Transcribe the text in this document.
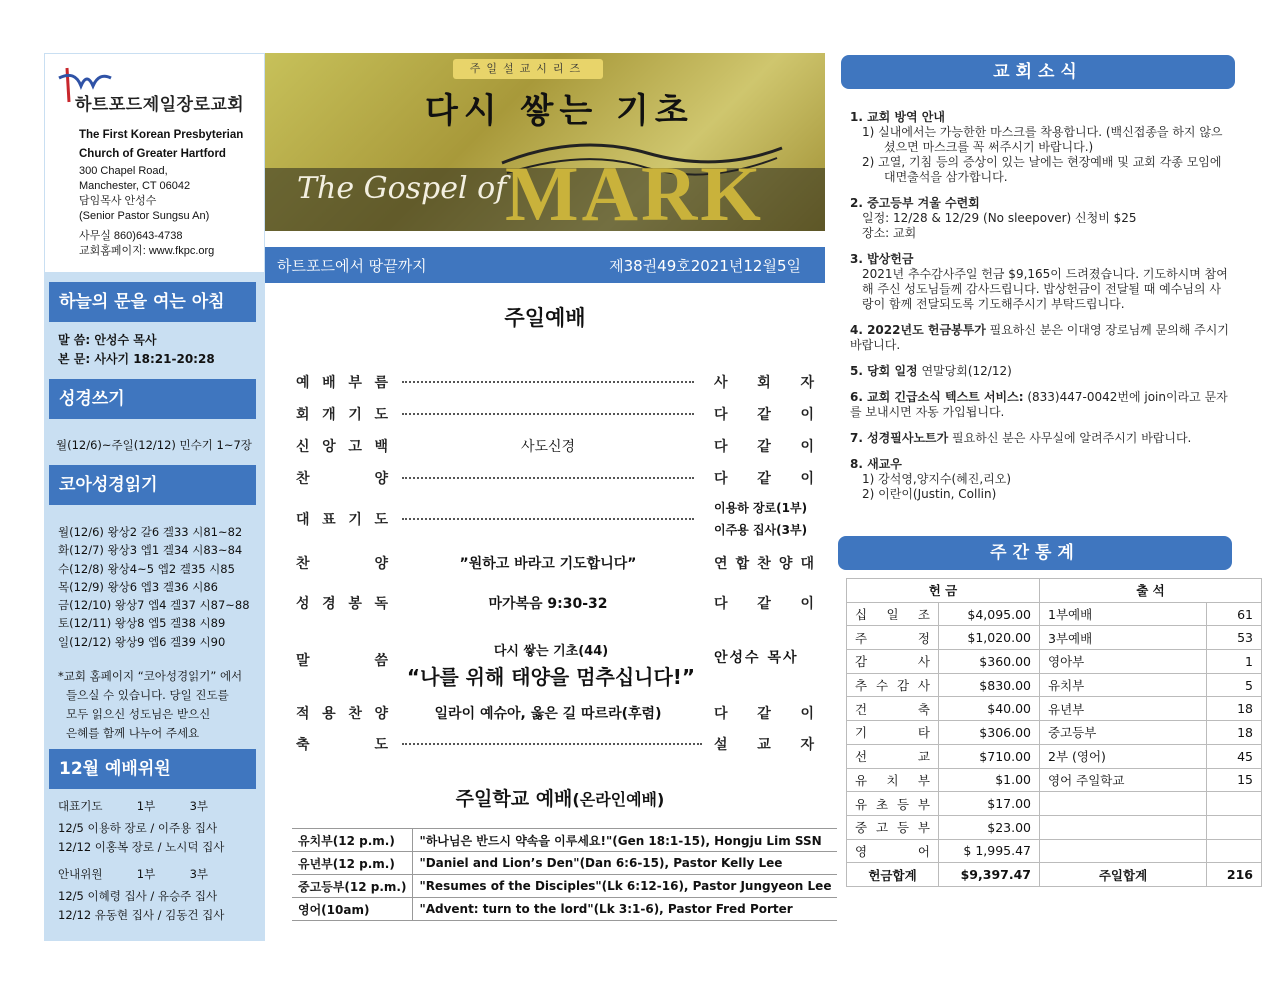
하트포드제일장로교회
The First Korean Presbyterian
Church of Greater Hartford
300 Chapel Road,
Manchester, CT 06042
담임목사 안성수
(Senior Pastor Sungsu An)
사무실 860)643-4738
교회홈페이지: www.fkpc.org
하늘의 문을 여는 아침
말 씀: 안성수 목사
본 문: 사사기 18:21-20:28
성경쓰기
월(12/6)~주일(12/12) 민수기 1~7장
코아성경읽기
월(12/6) 왕상2 갈6 겔33 시81~82
화(12/7) 왕상3 엡1 겔34 시83~84
수(12/8) 왕상4~5 엡2 겔35 시85
목(12/9) 왕상6 엡3 겔36 시86
금(12/10) 왕상7 엡4 겔37 시87~88
토(12/11) 왕상8 엡5 겔38 시89
일(12/12) 왕상9 엡6 겔39 시90
*교회 홈페이지 “코아성경읽기” 에서
들으실 수 있습니다. 당일 진도를
모두 읽으신 성도님은 받으신
은혜를 함께 나누어 주세요
12월 예배위원
대표기도	1부	3부
12/5 이용하 장로 / 이주용 집사
12/12 이홍복 장로 / 노시덕 집사
안내위원	1부	3부
12/5 이혜령 집사 / 유승주 집사
12/12 유동현 집사 / 김동건 집사
주일설교시리즈
다시 쌓는 기초
The Gospel of
MARK
하트포드에서 땅끝까지	제38권49호2021년12월5일
주일예배
예 배 부 름	사 회 자
회 개 기 도	다 같 이
신 앙 고 백	사도신경	다 같 이
찬	양	다 같 이
대 표 기 도
이용하 장로(1부)
이주용 집사(3부)
찬	양	”원하고 바라고 기도합니다”	연 합 찬 양 대
성 경 봉 독	마가복음 9:30-32	다 같 이
말	씀
다시 쌓는 기초(44)
“나를 위해 태양을 멈추십니다!”
안성수 목사
적 용 찬 양	일라이 예슈아, 옳은 길 따르라(후렴)	다 같 이
축	도	설 교 자
주일학교 예배(온라인예배)
유치부(12 p.m.)	"하나님은 반드시 약속을 이루세요!"(Gen 18:1-15), Hongju Lim SSN
유년부(12 p.m.)	"Daniel and Lion’s Den"(Dan 6:6-15), Pastor Kelly Lee
중고등부(12 p.m.)	"Resumes of the Disciples"(Lk 6:12-16), Pastor Jungyeon Lee
영어(10am)	"Advent: turn to the lord"(Lk 3:1-6), Pastor Fred Porter
교회소식
1. 교회 방역 안내
1) 실내에서는 가능한한 마스크를 착용합니다. (백신접종을 하지 않으셨으면 마스크를 꼭 써주시기 바랍니다.)
2) 고열, 기침 등의 증상이 있는 날에는 현장예배 및 교회 각종 모임에 대면출석을 삼가합니다.
2. 중고등부 겨울 수련회
일정: 12/28 & 12/29 (No sleepover) 신청비 $25
장소: 교회
3. 밥상헌금
2021년 추수감사주일 헌금 $9,165이 드려졌습니다. 기도하시며 참여해 주신 성도님들께 감사드립니다. 밥상헌금이 전달될 때 예수님의 사랑이 함께 전달되도록 기도해주시기 부탁드립니다.
4. 2022년도 헌금봉투가 필요하신 분은 이대영 장로님께 문의해 주시기 바랍니다.
5. 당회 일정 연말당회(12/12)
6. 교회 긴급소식 텍스트 서비스: (833)447-0042번에 join이라고 문자를 보내시면 자동 가입됩니다.
7. 성경필사노트가 필요하신 분은 사무실에 알려주시기 바랍니다.
8. 새교우
1) 강석영,양지수(혜진,리오)
2) 이란이(Justin, Collin)
주간통계
헌 금		출 석	

십 일 조	$4,095.00	1부예배	61

주 정	$1,020.00	3부예배	53

감 사	$360.00	영아부	1

추 수 감 사	$830.00	유치부	5

건 축	$40.00	유년부	18

기 타	$306.00	중고등부	18

선 교	$710.00	2부 (영어)	45

유 치 부	$1.00	영어 주일학교	15

유 초 등 부	$17.00		

중 고 등 부	$23.00		

영 어	$ 1,995.47		
헌금합계	$9,397.47	주일합계	216
